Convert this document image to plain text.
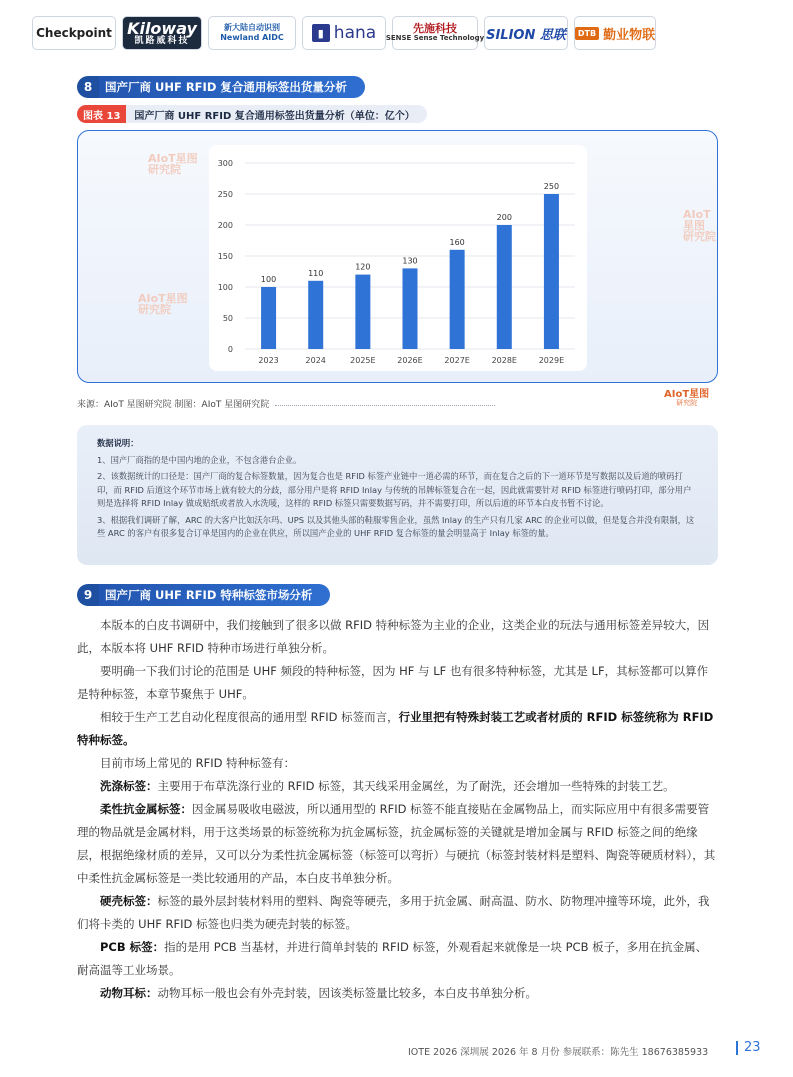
Checkpoint Kiloway
凯路威科技
新大陆自动识别
Newland AIDC	▮ hana	先施科技
SENSE Sense Technology SILION 思联	DTB 勤业物联
8	国产厂商 UHF RFID 复合通用标签出货量分析
图表 13	国产厂商 UHF RFID 复合通用标签出货量分析（单位：亿个）
AIoT星图
研究院
AIoT星图
研究院
AIoT星图
研究院
0
50
100
150
200
250
300
100
2023
110
2024
120
2025E
130
2026E
160
2027E
200
2028E
250
2029E
来源：AIoT 星图研究院 制图：AIoT 星图研究院
AIoT星图
研究院
数据说明：

1、国产厂商指的是中国内地的企业，不包含港台企业。

2、该数据统计的口径是：国产厂商的复合标签数量，因为复合也是 RFID 标签产业链中一道必需的环节，而在复合之后的下一道环节是写数据以及后道的喷码打印，而 RFID 后道这个环节市场上就有较大的分歧，部分用户是将 RFID Inlay 与传统的吊牌标签复合在一起，因此就需要针对 RFID 标签进行喷码打印，部分用户则是选择将 RFID Inlay 做成贴纸或者放入水洗唛，这样的 RFID 标签只需要数据写码，并不需要打印，所以后道的环节本白皮书暂不讨论。

3、根据我们调研了解，ARC 的大客户比如沃尔玛、UPS 以及其他头部的鞋服零售企业，虽然 Inlay 的生产只有几家 ARC 的企业可以做，但是复合并没有限制，这些 ARC 的客户有很多复合订单是国内的企业在供应，所以国产企业的 UHF RFID 复合标签的量会明显高于 Inlay 标签的量。

9	国产厂商 UHF RFID 特种标签市场分析

本版本的白皮书调研中，我们接触到了很多以做 RFID 特种标签为主业的企业，这类企业的玩法与通用标签差异较大，因此，本版本将 UHF RFID 特种市场进行单独分析。

要明确一下我们讨论的范围是 UHF 频段的特种标签，因为 HF 与 LF 也有很多特种标签，尤其是 LF，其标签都可以算作是特种标签，本章节聚焦于 UHF。

相较于生产工艺自动化程度很高的通用型 RFID 标签而言，行业里把有特殊封装工艺或者材质的 RFID 标签统称为 RFID 特种标签。

目前市场上常见的 RFID 特种标签有：

洗涤标签：主要用于布草洗涤行业的 RFID 标签，其天线采用金属丝，为了耐洗，还会增加一些特殊的封装工艺。

柔性抗金属标签：因金属易吸收电磁波，所以通用型的 RFID 标签不能直接贴在金属物品上，而实际应用中有很多需要管理的物品就是金属材料，用于这类场景的标签统称为抗金属标签，抗金属标签的关键就是增加金属与 RFID 标签之间的绝缘层，根据绝缘材质的差异，又可以分为柔性抗金属标签（标签可以弯折）与硬抗（标签封装材料是塑料、陶瓷等硬质材料），其中柔性抗金属标签是一类比较通用的产品，本白皮书单独分析。

硬壳标签：标签的最外层封装材料用的塑料、陶瓷等硬壳，多用于抗金属、耐高温、防水、防物理冲撞等环境，此外，我们将卡类的 UHF RFID 标签也归类为硬壳封装的标签。

PCB 标签：指的是用 PCB 当基材，并进行简单封装的 RFID 标签，外观看起来就像是一块 PCB 板子，多用在抗金属、耐高温等工业场景。

动物耳标：动物耳标一般也会有外壳封装，因该类标签量比较多，本白皮书单独分析。

IOTE 2026 深圳展 2026 年 8 月份 参展联系：陈先生 18676385933	23
